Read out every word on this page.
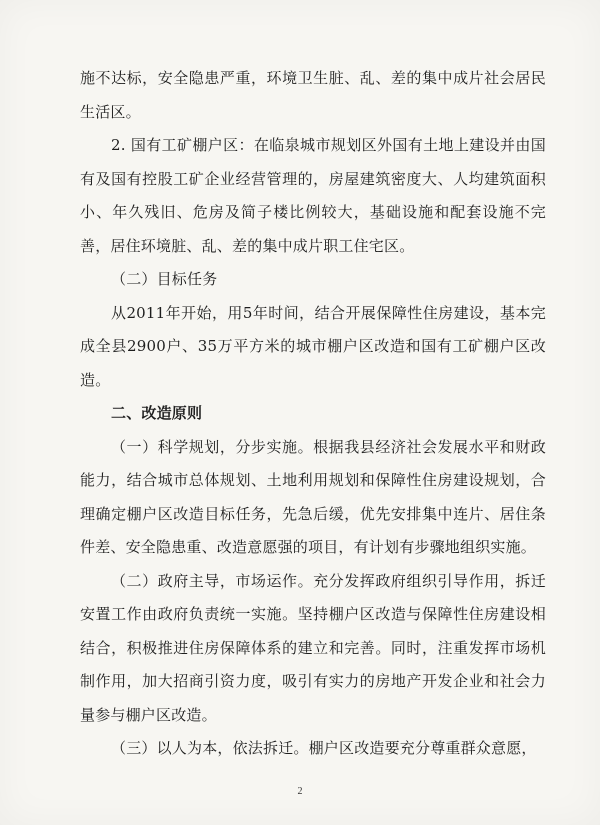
施不达标，安全隐患严重，环境卫生脏、乱、差的集中成片社会居民生活区。

2. 国有工矿棚户区：在临泉城市规划区外国有土地上建设并由国有及国有控股工矿企业经营管理的，房屋建筑密度大、人均建筑面积小、年久残旧、危房及简子楼比例较大，基础设施和配套设施不完善，居住环境脏、乱、差的集中成片职工住宅区。

（二）目标任务

从2011年开始，用5年时间，结合开展保障性住房建设，基本完成全县2900户、35万平方米的城市棚户区改造和国有工矿棚户区改造。

二、改造原则

（一）科学规划，分步实施。根据我县经济社会发展水平和财政能力，结合城市总体规划、土地利用规划和保障性住房建设规划，合理确定棚户区改造目标任务，先急后缓，优先安排集中连片、居住条件差、安全隐患重、改造意愿强的项目，有计划有步骤地组织实施。

（二）政府主导，市场运作。充分发挥政府组织引导作用，拆迁安置工作由政府负责统一实施。坚持棚户区改造与保障性住房建设相结合，积极推进住房保障体系的建立和完善。同时，注重发挥市场机制作用，加大招商引资力度，吸引有实力的房地产开发企业和社会力量参与棚户区改造。

（三）以人为本，依法拆迁。棚户区改造要充分尊重群众意愿，

2
